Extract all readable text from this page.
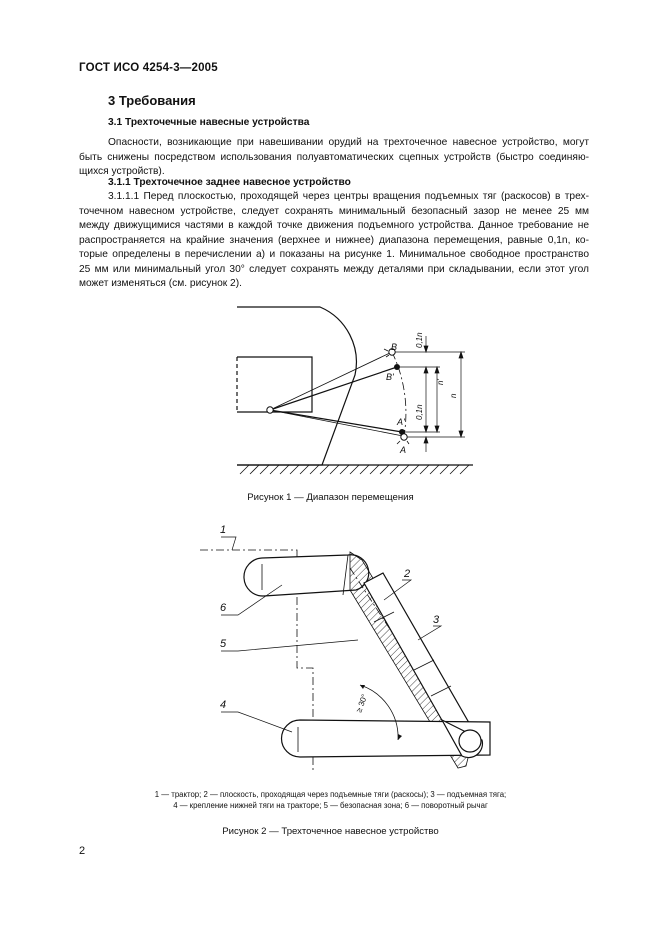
ГОСТ ИСО 4254-3—2005
3 Требования
3.1 Трехточечные навесные устройства
Опасности, возникающие при навешивании орудий на трехточечное навесное устройство, могут
быть снижены посредством использования полуавтоматических сцепных устройств (быстро соединяю-
щихся устройств).
3.1.1 Трехточечное заднее навесное устройство
3.1.1.1 Перед плоскостью, проходящей через центры вращения подъемных тяг (раскосов) в трех-
точечном навесном устройстве, следует сохранять минимальный безопасный зазор не менее 25 мм
между движущимися частями в каждой точке движения подъемного устройства. Данное требование не
распространяется на крайние значения (верхнее и нижнее) диапазона перемещения, равные 0,1n, ко-
торые определены в перечислении а) и показаны на рисунке 1. Минимальное свободное пространство
25 мм или минимальный угол 30° следует сохранять между деталями при складывании, если этот угол
может изменяться (см. рисунок 2).
B
B'
A'
A
0,1n
0,1n
n'
n
Рисунок 1 — Диапазон перемещения
≥ 30°
1
2
3
4
5
6
1 — трактор; 2 — плоскость, проходящая через подъемные тяги (раскосы); 3 — подъемная тяга;
4 — крепление нижней тяги на тракторе; 5 — безопасная зона; 6 — поворотный рычаг
Рисунок 2 — Трехточечное навесное устройство
2
